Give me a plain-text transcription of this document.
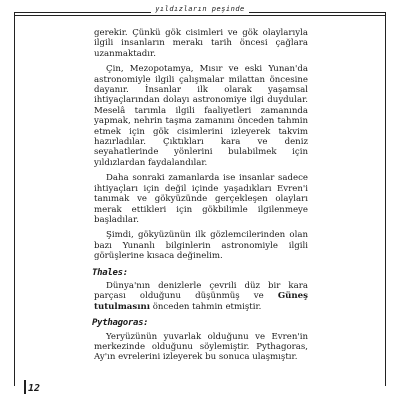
yıldızların peşinde

gerekir. Çünkü gök cisimleri ve gök olaylarıyla ilgili insanların merakı tarih öncesi çağlara uzanmaktadır.

Çin, Mezopotamya, Mısır ve eski Yunan'da astronomiyle ilgili çalışmalar milattan öncesine dayanır. İnsanlar ilk olarak yaşamsal ihtiyaçlarından dolayı astronomiye ilgi duydular. Meselâ tarımla ilgili faaliyetleri zamanında yapmak, nehrin taşma zamanını önceden tahmin etmek için gök cisimlerini izleyerek takvim hazırladılar. Çıktıkları kara ve deniz seyahatlerinde yönlerini bulabilmek için yıldızlardan faydalandılar.

Daha sonraki zamanlarda ise insanlar sadece ihtiyaçları için değil içinde yaşadıkları Evren'i tanımak ve gökyüzünde gerçekleşen olayları merak ettikleri için gökbilimle ilgilenmeye başladılar.

Şimdi, gökyüzünün ilk gözlemcilerinden olan bazı Yunanlı bilginlerin astronomiyle ilgili görüşlerine kısaca değinelim.

Thales:

Dünya'nın denizlerle çevrili düz bir kara parçası olduğunu düşünmüş ve Güneş tutulmasını önceden tahmin etmiştir.

Pythagoras:

Yeryüzünün yuvarlak olduğunu ve Evren'in merkezinde olduğunu söylemiştir. Pythagoras, Ay'ın evrelerini izleyerek bu sonuca ulaşmıştır.

12
